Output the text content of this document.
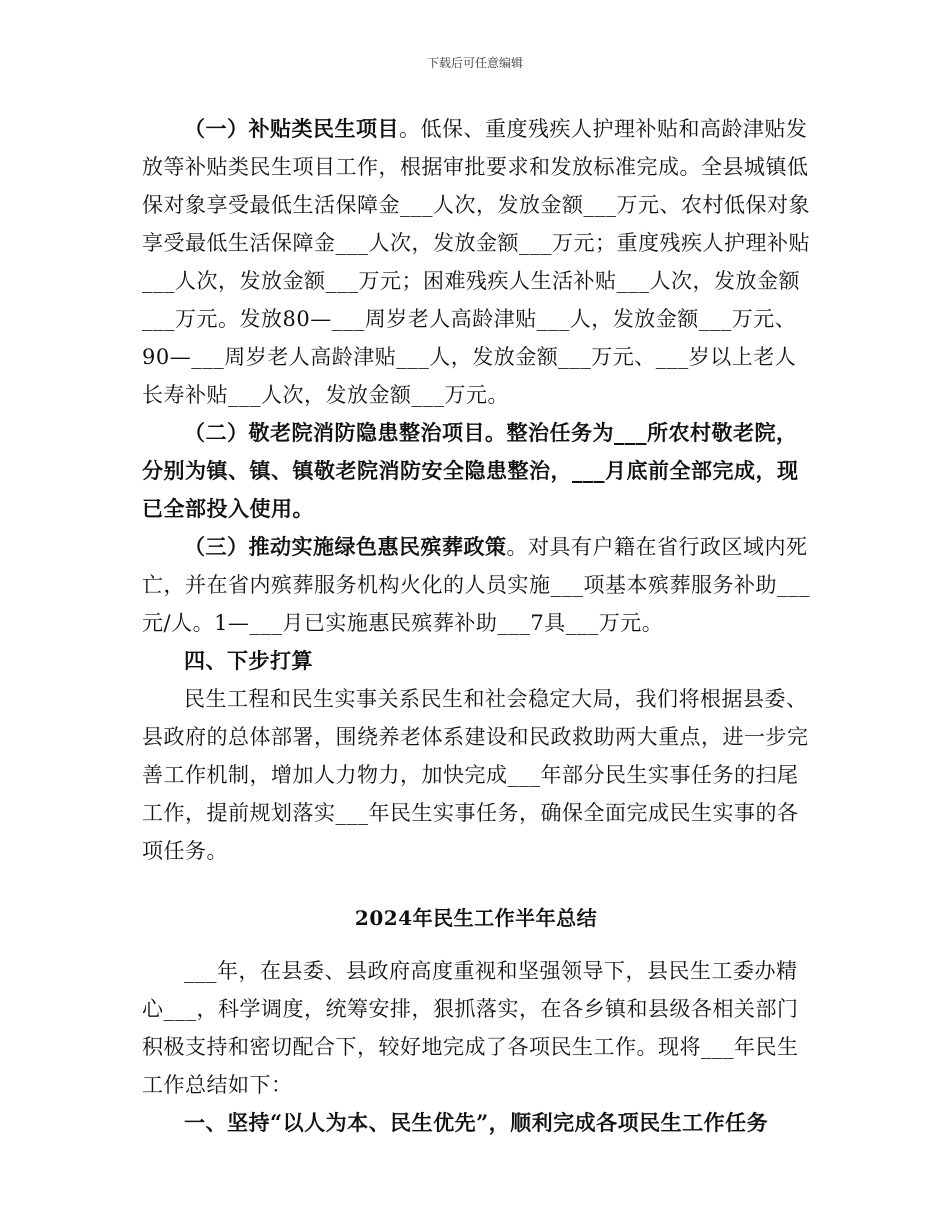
下载后可任意编辑

（一）补贴类民生项目。低保、重度残疾人护理补贴和高龄津贴发放等补贴类民生项目工作，根据审批要求和发放标准完成。全县城镇低保对象享受最低生活保障金___人次，发放金额___万元、农村低保对象享受最低生活保障金___人次，发放金额___万元；重度残疾人护理补贴___人次，发放金额___万元；困难残疾人生活补贴___人次，发放金额___万元。发放80—___周岁老人高龄津贴___人，发放金额___万元、90—___周岁老人高龄津贴___人，发放金额___万元、___岁以上老人长寿补贴___人次，发放金额___万元。

（二）敬老院消防隐患整治项目。整治任务为___所农村敬老院，分别为镇、镇、镇敬老院消防安全隐患整治，___月底前全部完成，现已全部投入使用。

（三）推动实施绿色惠民殡葬政策。对具有户籍在省行政区域内死亡，并在省内殡葬服务机构火化的人员实施___项基本殡葬服务补助___元/人。1—___月已实施惠民殡葬补助___7具___万元。

四、下步打算

民生工程和民生实事关系民生和社会稳定大局，我们将根据县委、县政府的总体部署，围绕养老体系建设和民政救助两大重点，进一步完善工作机制，增加人力物力，加快完成___年部分民生实事任务的扫尾工作，提前规划落实___年民生实事任务，确保全面完成民生实事的各项任务。

2024年民生工作半年总结

___年，在县委、县政府高度重视和坚强领导下，县民生工委办精心___，科学调度，统筹安排，狠抓落实，在各乡镇和县级各相关部门积极支持和密切配合下，较好地完成了各项民生工作。现将___年民生工作总结如下：

一、坚持“以人为本、民生优先”，顺利完成各项民生工作任务
